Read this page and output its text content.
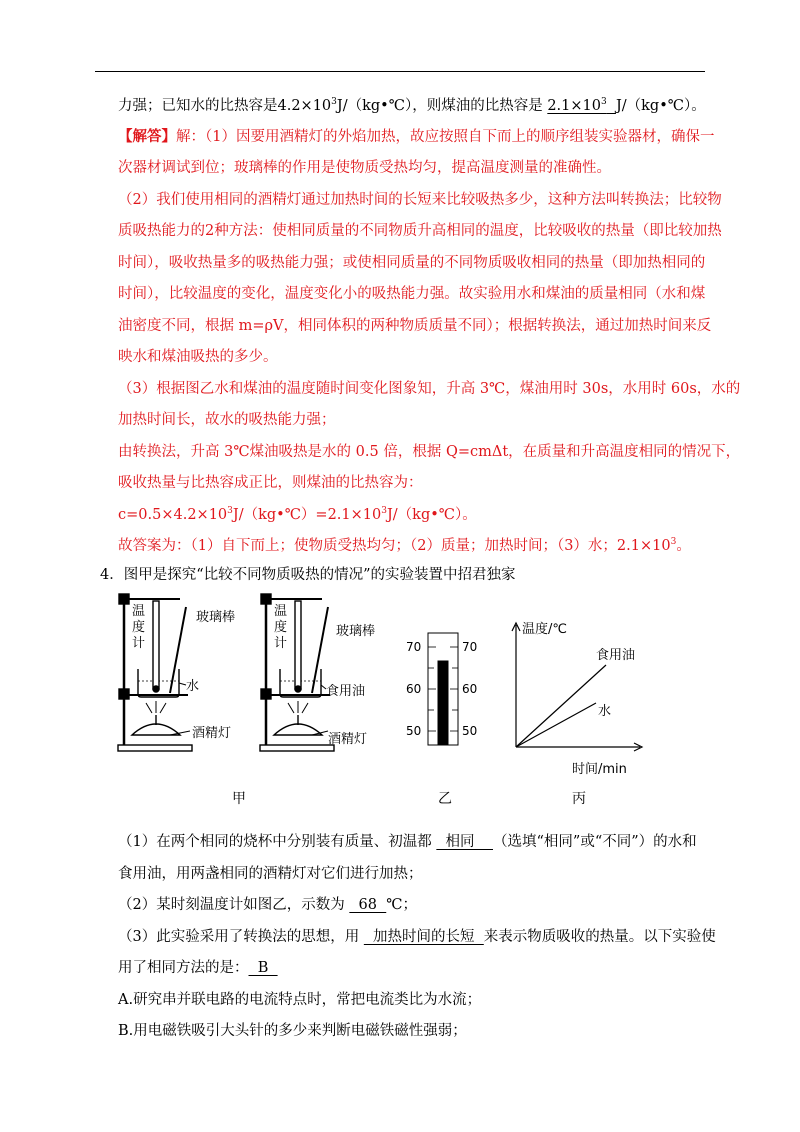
力强；已知水的比热容是$4.2\times 10^3J/(kg•℃)$，则煤油的比热容是 $2.1\times 10^3$ J/（kg•℃）。
【解答】解：（1）因要用酒精灯的外焰加热，故应按照自下而上的顺序组装实验器材，确保一
次器材调试到位；玻璃棒的作用是使物质受热均匀，提高温度测量的准确性。
（2）我们使用相同的酒精灯通过加热时间的长短来比较吸热多少，这种方法叫转换法；比较物
质吸热能力的2种方法：使相同质量的不同物质升高相同的温度，比较吸收的热量（即比较加热
时间），吸收热量多的吸热能力强；或使相同质量的不同物质吸收相同的热量（即加热相同的
时间），比较温度的变化，温度变化小的吸热能力强。故实验用水和煤油的质量相同（水和煤
油密度不同，根据 m=ρV，相同体积的两种物质质量不同）；根据转换法，通过加热时间来反
映水和煤油吸热的多少。
（3）根据图乙水和煤油的温度随时间变化图象知，升高 3℃，煤油用时 30s，水用时 60s，水的
加热时间长，故水的吸热能力强；
由转换法，升高 3℃煤油吸热是水的 0.5 倍，根据 Q=cmΔt，在质量和升高温度相同的情况下，
吸收热量与比热容成正比，则煤油的比热容为：
$c=0.5\times 4.2\times 10^3J/(kg•℃)=2.1\times 10^3J/(kg•℃)$。
故答案为：（1）自下而上；使物质受热均匀；（2）质量；加热时间；（3）水；$2.1\times 10^3$。
4．图甲是探究“比较不同物质吸热的情况”的实验装置中招君独家
温
度
计
玻璃棒
水
酒精灯
温
度
计
玻璃棒
食用油
酒精灯
70
60
50
70
60
50
温度/℃
时间/min
食用油
水
甲	乙	丙
（1）在两个相同的烧杯中分别装有质量、初温都   相同    （选填“相同”或“不同”）的水和
食用油，用两盏相同的酒精灯对它们进行加热；
（2）某时刻温度计如图乙，示数为   68  ℃；
（3）此实验采用了转换法的思想，用   加热时间的长短  来表示物质吸收的热量。以下实验使
用了相同方法的是：  B
A.研究串并联电路的电流特点时，常把电流类比为水流；
B.用电磁铁吸引大头针的多少来判断电磁铁磁性强弱；
